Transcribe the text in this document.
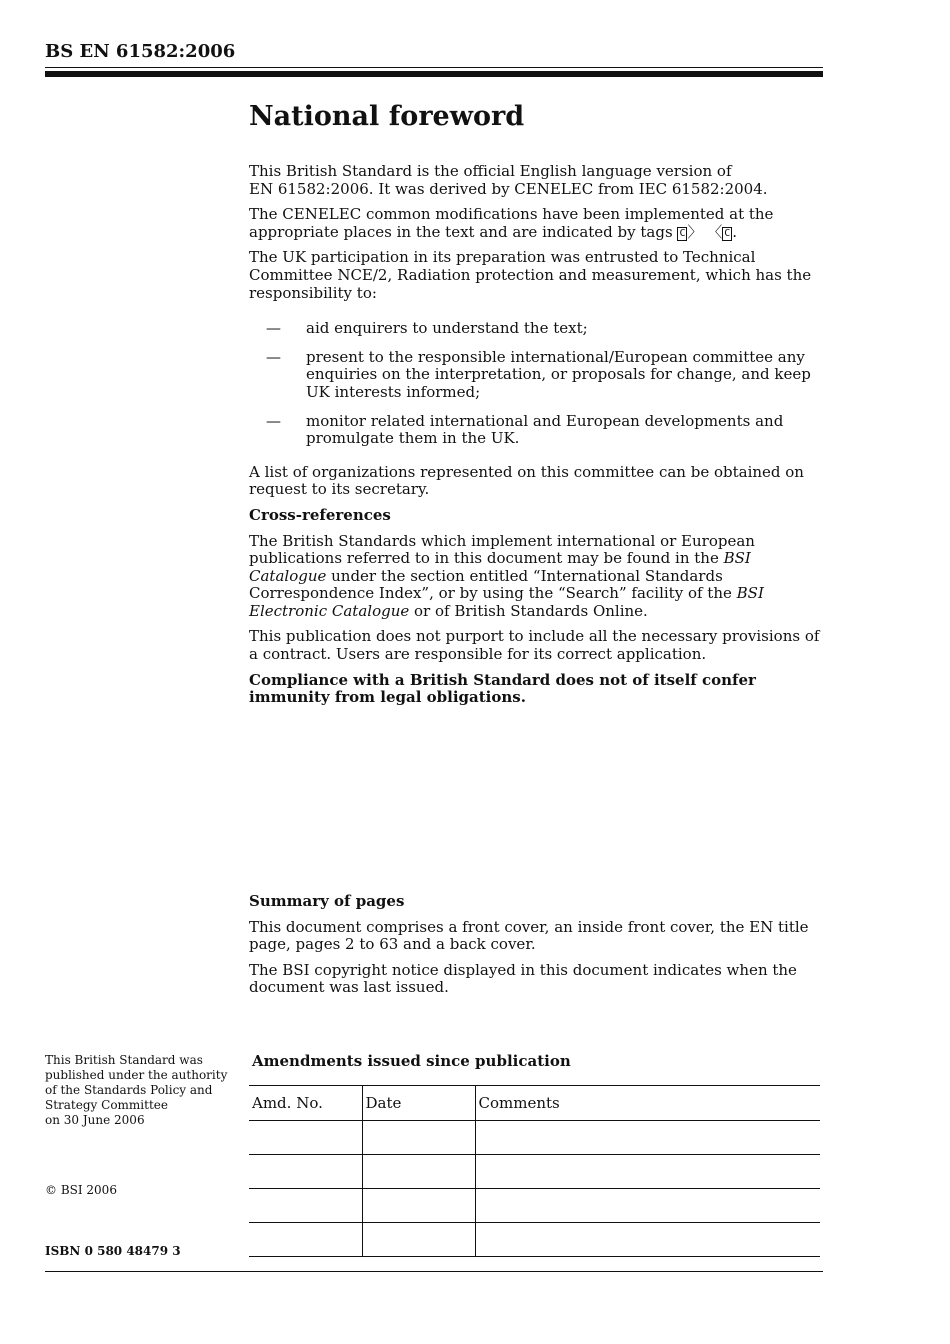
BS EN 61582:2006
National foreword

This British Standard is the official English language version of
EN 61582:2006. It was derived by CENELEC from IEC 61582:2004.

The CENELEC common modifications have been implemented at the appropriate places in the text and are indicated by tags C 〉 〈 C .

The UK participation in its preparation was entrusted to Technical Committee NCE/2, Radiation protection and measurement, which has the responsibility to:

— aid enquirers to understand the text;
— present to the responsible international/European committee any enquiries on the interpretation, or proposals for change, and keep UK interests informed;
— monitor related international and European developments and promulgate them in the UK.

A list of organizations represented on this committee can be obtained on request to its secretary.

Cross-references

The British Standards which implement international or European publications referred to in this document may be found in the BSI Catalogue under the section entitled “International Standards Correspondence Index”, or by using the “Search” facility of the BSI Electronic Catalogue or of British Standards Online.

This publication does not purport to include all the necessary provisions of a contract. Users are responsible for its correct application.

Compliance with a British Standard does not of itself confer immunity from legal obligations.

Summary of pages

This document comprises a front cover, an inside front cover, the EN title page, pages 2 to 63 and a back cover.

The BSI copyright notice displayed in this document indicates when the document was last issued.

This British Standard was
published under the authority
of the Standards Policy and
Strategy Committee
on 30 June 2006
© BSI 2006
ISBN 0 580 48479 3
Amendments issued since publication
Amd. No.	Date	Comments
